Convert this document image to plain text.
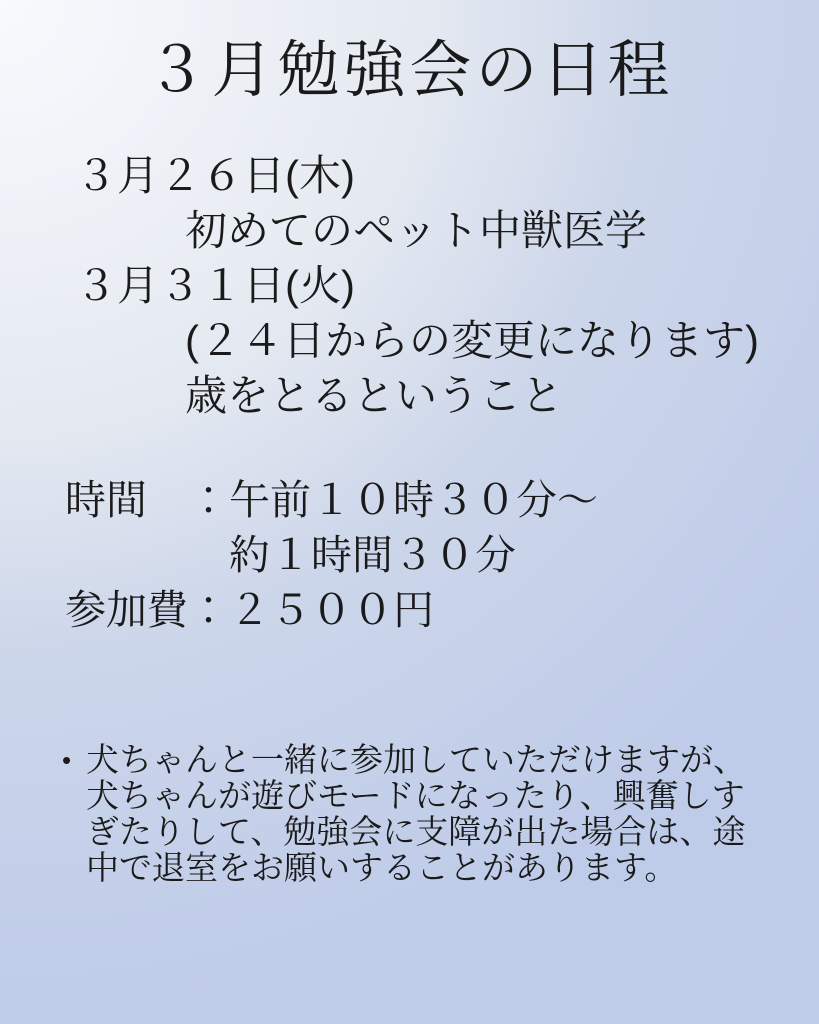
３月勉強会の日程
３月２６日(木)
初めてのペット中獣医学
３月３１日(火)
(２４日からの変更になります)
歳をとるということ
時間　：午前１０時３０分～
約１時間３０分
参加費：２５００円
• 犬ちゃんと一緒に参加していただけますが、
犬ちゃんが遊びモードになったり、興奮しす
ぎたりして、勉強会に支障が出た場合は、途
中で退室をお願いすることがあります。
